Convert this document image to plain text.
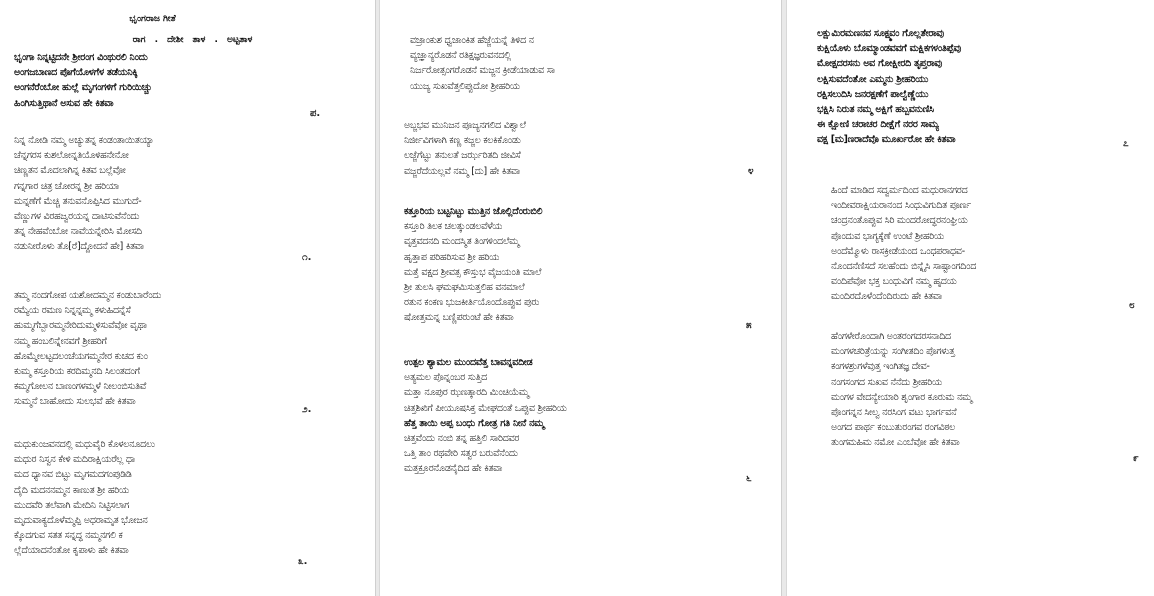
ಭೃಂಗರಾಜ ಗೀತೆ
ರಾಗ . ದೇಶೀ ತಾಳ . ಅಟ್ಟತಾಳ
ಭೃಂಗಾ ನಿನ್ನಟ್ಟಿದನೇ ಶ್ರೀರಂಗ ವಿಂಥುರಲಿ ನಿಂದು
ಅಂಗಜಬಾಣದ ಪೊಗೆಯೊಳಗೆಳ ತಡೆಯನಿಕ್ಕಿ
ಅಂಗನೆರೆಂಬೋ ಹುಲ್ಲೆ ಮೃಗಂಗಳಿಗೆ ಗುರಿಯಿಚ್ಚು
ಹಿಂಗಿಸುತ್ತಿಥಾನೆ ಅಸುವ ಹೇ ಕಿತವಾ
ಪ.
ನಿನ್ನ ನೋಡಿ ನಮ್ಮ ಅಚ್ಯುತನ್ನ ಕಂಡಂತಾಯಿತಯ್ಯಾ
ಚೆನ್ನಗರಸ ಕುಶಲೋನ್ನತಿಯೊಳಿಹನೇನೋ
ಚಿಣ್ಣತನ ಮೊದಲಾಗಿನ್ನ ಕಿತವ ಬಲ್ಲೆವೋ
ಗನ್ನಗಾರ ಚಿತ್ರ ಚೋರನ್ನ ಶ್ರೀ ಹರಿಯಾ
ಮನ್ನಣೆಗೆ ಮೆಚ್ಚಿ ತನುವನೊಪ್ಪಿಸಿದ ಮುಗುದೆ-
ವೆಣ್ಣುಗಳ ವಿರಹಜ್ವರಯನ್ನ ದಾಟಿಸುವೆನೆಂದು
ತನ್ನ ನೇಹವೆಂಬೋ ನಾವೆಯನ್ನೇರಿಸಿ ಮೋಸದಿ
ನಡುನೀರೊಳು ತೊ[ರೆ]ದ್ದೋದನೆ ಹೇ] ಕಿತವಾ
೧.
ತಮ್ಮ ನಂದಗೋಪ ಯಶೋದಮ್ಮನ ಕಂಡುಬಾರೆಂದು
ರಮ್ಯೆಯ ರಮಣ ನಿನ್ನನ್ನಮ್ಮ ಕಳುಹಿದನ್ನೆಸೆ
ಹುಮ್ಮಗೆಬ್ಬಾರಮ್ಮನೇರಿದುಮ್ಮಳಿಸುವೆವೋ ವೃಥಾ
ನಮ್ಮ ಹಂಬಲಿನ್ನೇನವಗೆ ಶ್ರೀಹರಿಗೆ
ಹೊಮ್ಮೇಲಟ್ಟದಲಂಚೆಯಗಮ್ಮನೇರ ಕುಚದ ಕುಂ
ಕುಮ್ಮ ಕಸ್ತೂರಿಯ ಕರದಿಮ್ಮನದಿ ಸಿಲಂತದಂಗೆ
ಕಮ್ಮಗೋಲನ ಬಾಣಂಗಳಮ್ಮಳೆ ನೀಲಂಬಿಸುತಿವೆ
ಸುಮ್ಮನೆ ಬಾಹೋದು ಸುಲಭವೆ ಹೇ ಕಿತವಾ
೨.
ಮಧುಕುಂಜವನದಲ್ಲಿ ಮಧುವೈರಿ ಕೊಳಲನೂದಲು
ಮಧುರ ನಿಸ್ವನ ಕೇಳಿ ಮದಿರಾಕ್ಷಿಯರೆಲ್ಲ ಧಾ
ಮದ ಧ್ಯಾನವ ಬಿಟ್ಟು ಮೃಗಮದಗಂಪುಡಿಡಿ
ದೈದಿ ಮದನನಮ್ಮನ ಕಾಣುತ ಶ್ರೀ ಹರಿಯ
ಮುದವೆರಿ ತಲೆವಾಗಿ ಮೇದಿನಿ ನಿಟ್ಟಿಸಲಾಗ
ಮೃದುವಾಕ್ಯದೊಳೆಮ್ಮಪ್ಪಿ ಅಧರಾಮೃತ ಭೋಜನ
ಕ್ಕೊದಗುವ ಸತತ ಸನ್ನದ್ಧ ನಮ್ಮನಗಲಿ ಕ
ಲ್ಲೆದೆಯಾದನೆಂತೋ ಕೃಪಾಳು ಹೇ ಕಿತವಾ
೩.
ವಜ್ರಾಂಕುಶ ಧ್ವಜಾಂಕಿತ ಹೆಜ್ಜೆಯನ್ನೆ ತಿಳಿದ ನ
ವ್ಯಜ್ಞಾನ್ಯರೊಡನೆ ರತಿಕ್ಷಜ್ಞರುವನದಲ್ಲಿ
ನಿರ್ಜರೋತ್ಸಂಗರೊಡನೆ ಮಜ್ಜನ ಕ್ರೀಡೆಯಾಡುವ ಸಾ
ಯುಜ್ಯ ಸುಖವೆತ್ತಲಿಪ್ಪುದೋ ಶ್ರೀಹರಿಯ
ಅಬ್ಜಭವ ಮುನಿಜನ ಪೂಜ್ಯನಗಲಿದ ವಿಶ್ವಾಲೆ
ನಿರ್ಜೀವಿಗಳಾಗಿ ಕಣ್ಣ ಕಜ್ಜಲ ಕಲಕಿಕೊಂಡು
ಲಜ್ಜೆಗೆಟ್ಟು ತನುಲತೆ ಜರ್ಝರಿತದಿ ಜೀವಿಸೆ
ವಜ್ಜರೆದೆಯಲ್ಲವೆ ನಮ್ಮ [ದು] ಹೇ ಕಿತವಾ	೪
ಕತ್ತೂರಿಯ ಬಟ್ಟನಿಟ್ಟು ಮುತ್ತಿನ ಜೊಲ್ಲಿದೆಂರುಬಿಲಿ
ಕಸ್ತೂರಿ ತಿಲಕ ಚಲತ್ಕುಂಡಲವೆಳೆಯ
ವೃತ್ತವದನದಿ ಮಂದಸ್ಮಿತ ತಿಂಗಳಿಂದಲೆಮ್ಮ
ಹೃತ್ತಾಪ ಪರಿಹರಿಸುವ ಶ್ರೀ ಹರಿಯ
ಮತ್ತೆ ವಕ್ಷದ ಶ್ರೀವತ್ಸ ಕೌಸ್ತುಭ ವೈಜಯಂತಿ ಮಾಲೆ
ಶ್ರೀ ತುಲಸಿ ಘಮಘಮಿಸುತ್ತಲಿಹ ವನಮಾಲೆ
ರತುನ ಕಂಕಣ ಭುಜಕೀರ್ತಿಯೊಂದೊಪ್ಪುವ ಪುರು
ಷೋತ್ತಮನ್ನ ಬಣ್ಣಿಪರುಂಟೆ ಹೇ ಕಿತವಾ
೫
ಉತ್ಪಲ ಶ್ಯಾಮಲ ಮುಂದವೆತ್ತ ಬಾವನ್ನವದೀಡ
ಅತ್ಯಮಲ ಪೊನ್ನಂಬರ ಸುತ್ತಿದ
ಮತ್ತಾ ನೂಪುರ ಝಣತ್ಕಾರದಿ ಮಿಂಚಿಯೆಮ್ಮ
ಚಿತ್ತಶಿಖಿಗೆ ಪೀಯೂಷಸಿಕ್ತ ಮೇಘದಂತೆ ಒಪ್ಪುವ ಶ್ರೀಹರಿಯ
ಹೆತ್ತ ತಾಯಿ ಅಪ್ಪ ಬಂಧು ಗೋತ್ರ ಗತಿ ನೀನೆ ನಮ್ಮ
ಚಿತ್ತವೆಂದು ನಂಬಿ ತನ್ನ ಹತ್ತಿಲಿ ಸಾರಿದವರ
ಒತ್ತಿ ತಾಂ ರಥವೇರಿ ಸತ್ವರ ಬರುವೆನೆಂದು
ಮತ್ತಕ್ರೂರನೊಡನೈದಿದ ಹೇ ಕಿತವಾ
೬
ಲಕ್ಷುಮಿರಮಣನವ ಸೂಕ್ಷ್ಮವಂ ಗೊಲ್ಲತೇರಾವು
ಕುಕ್ಷಿಯೊಳು ಬೊಮ್ಮಾಂಡವವಗೆ ಮಕ್ಷಿಕಗಳಂತಿಪ್ಪೆವು
ಮೋಕ್ಷದರಸನು ಅವ ಗೋಕ್ಷೀರದಿ ತೃಪ್ತರಾವು
ಲಕ್ಷಿಸುವದೆಂತೋ ಎಮ್ಮನು ಶ್ರೀಹರಿಯು
ರಕ್ಷಿಸಲುದಿಸಿ ಜನರಕ್ಷಣೆಗೆ ಪಾಲ್ವೆಣ್ಣೆಯು
ಭಕ್ಷಿಸಿ ನಿರುತ ನಮ್ಮ ಅಕ್ಷಿಗೆ ಹಬ್ಬವನುಣಿಸಿ
ಈ ಕ್ಷೋಣಿ ಚರಾಚರ ದೀಕ್ಷೆಗೆ ನರರ ಸಾಮ್ಯ
ವಕ್ಷ [ಮ]ಣರಾದೆವೊ ಮೂರ್ಖರೋ ಹೇ ಕಿತವಾ	೭
ಹಿಂದೆ ಮಾಡಿದ ಸದ್ವರ್ಮದಿಂದ ಮಧುರಾನಗರದ
ಇಂದೀವರಾಕ್ಷಿಯರಾನಂದ ಸಿಂಧುವಿಗುದಿತ ಪೂರ್ಣ
ಚಂದ್ರನಂತೊಪ್ಪುವ ಸಿರಿ ಮಂದರೋದ್ಧರನಂಘ್ರಿಯ
ಪೊಂದುವ ಭಾಗ್ಯಕ್ಕೆಣೆ ಉಂಟೆ ಶ್ರೀಹರಿಯ
ಅಂದೆಮ್ಮೊಳು ರಾಸಕ್ರೀಡೆಯಂದ ಒಂಧಪರಾಧವ-
ನೊಂದನೆಣಿಸದೆ ಸಲಹೆಂದು ಬಿನ್ನೈಸಿ ಸಾಷ್ಟಾಂಗದಿಂದ
ವಂದಿಪೆವೋ ಭಕ್ತ ಬಂಧುವಿಗೆ ನಮ್ಮ ಹೃದಯ
ಮಂದಿರದೊಳೆಂದೆಂದಿರುದು ಹೇ ಕಿತವಾ
೮
ಹೆಂಗಳೇರೊಂದಾಗಿ ಅಂತರಂಗದರಸನಾದಿದ
ಮಂಗಳಚರಿತ್ರೆಯನ್ನು ಸಂಗೀತದಿಂ ಪೊಗಳುತ್ತ
ಕಂಗಳಶ್ರುಗಳೆವುತ್ತ ಇಂಗಿತಜ್ಞ ದೇವ-
ನಂಗಸಂಗದ ಸುಖವ ನೆನೆದು ಶ್ರೀಹರಿಯ
ಮಂಗಳ ವೇದನ್ಯೇಯಾರಿ ಶೃಂಗಾರ ಕೂರುಮ ನಮ್ಮ
ಪೊಂಗನ್ನನ ಸೀಲ್ವ ನರಸಿಂಗ ವಟು ಭಾರ್ಗವನೆ
ಅಂಗದ ಪಾರ್ಥ ಕಂಬುತುರಂಗವ ರಂಗವಿಠಲ
ತುಂಗಮಹಿಮ ನಮೋ ಎಂಬೆವೋ ಹೇ ಕಿತವಾ
೯
